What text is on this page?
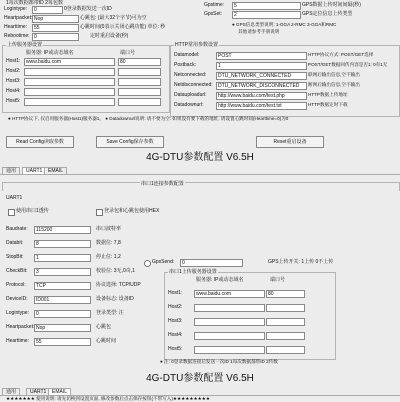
1每次数据都带ID 2每包数
0登录数据发送一次ID
Logintype:	0
Heartpacket: Nop	心跳包: (最大32个字节)可为空
Hearttime:	55	心跳时间(0表示关闭心跳功能) 单位: 秒
Rebootime: 0	定时重启设备(秒)
Gpstime:	5	GPS数据上传时间间隔(秒)
GpsSet:	2	GPS定位信息上传类型
● GPS信息类型说明: 1-GGA 2-RMC 3-GGA和RMC
其他请参考手册说明
上传服务器设置
服务器: IP或动态域名	端口号
Host1:	www.baidu.com	80
Host2:
Host3:
Host4:
Host5:
HTTP常用参数设置
Datamodel:	POST	HTTP协议方式: POST/GET选择
Postback:	1	POST/GET数据回传内容是否1: 0有1无
Netconnected:	DTU_NETWORK_CONNECTED	联网后输出信息,空不输出
Netdisconnected:	DTU_NETWORK_DISCONNECTED	断网后输出信息,空不输出
Datauploadurl:	http://www.baidu.com/test.php	HTTP数据上传地址
Datadownurl:	http://www.baidu.com/test.txt	HTTP数据定时下载
● HTTP协议下, 仅启用服务器(Host1)服务器1。 ● Datadownurl说明: 请不要为空: 如果没有要下载的地址, 请设置心跳时间(Hearttime=0)为0
Read Config读取参数	Save Config保存参数	Reset重启设备
4G-DTU参数配置 V6.5H
通用	UART1	EMAIL
串口1连接参数配置
UART1
使用串口1透传	登录包和心跳包使用HEX
Baudrate:	115200	串口波特率
Databit:	8	数据位: 7,8
StopBit:	1	停止位: 1,2
CheckBit:	3	校验位: 3无,0奇,1
Protocol:	TCP	协议选择: TCP/UDP
DeviceID:	ID001	设备标志: 设备ID
Logintype:	0	登录类型: 注
Heartpacket: Nop	心跳包
Hearttime:	55	心跳时间
GpsSend:	0	GPS上传开关: 1上传 0不上传
串口1上传服务器设置
服务器: IP或动态域名	端口号
Host1:	www.baidu.com	80
Host2:
Host3:
Host4:
Host5:
● 注: 0登录数据连接后发送一次ID 1每次数据都带ID 2传数
4G-DTU参数配置 V6.5H
通用	UART1	EMAIL
★★★★★★★ 使用说明: 请先切换到设置页面, 修改参数后点击保存按钮(不带写入)★★★★★★★★★
